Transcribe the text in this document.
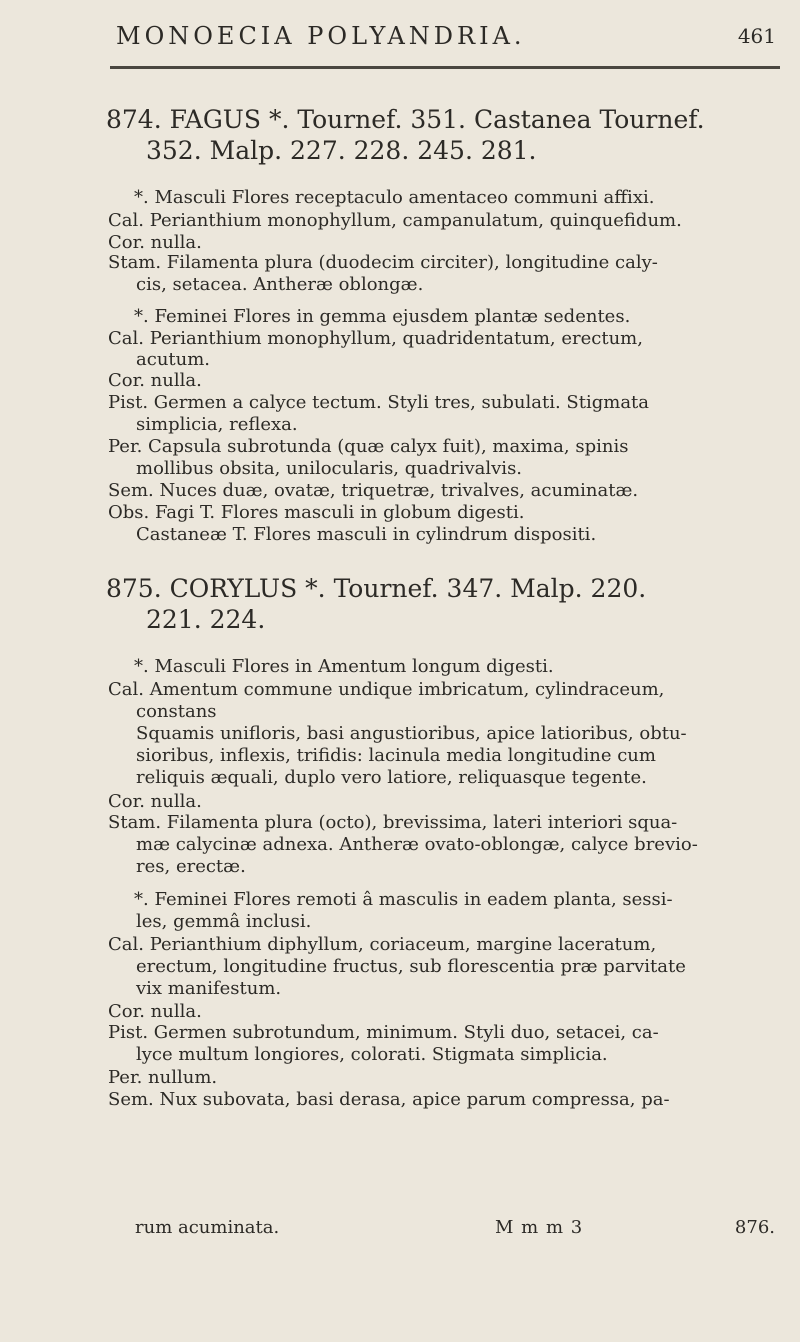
MONOECIA POLYANDRIA.	461
874. FAGUS *. Tournef. 351. Castanea Tournef.
352. Malp. 227. 228. 245. 281.
*. Masculi Flores receptaculo amentaceo communi affixi.
Cal. Perianthium monophyllum, campanulatum, quinquefidum.
Cor. nulla.
Stam. Filamenta plura (duodecim circiter), longitudine caly-
cis, setacea. Antheræ oblongæ.
*. Feminei Flores in gemma ejusdem plantæ sedentes.
Cal. Perianthium monophyllum, quadridentatum, erectum,
acutum.
Cor. nulla.
Pist. Germen a calyce tectum. Styli tres, subulati. Stigmata
simplicia, reflexa.
Per. Capsula subrotunda (quæ calyx fuit), maxima, spinis
mollibus obsita, unilocularis, quadrivalvis.
Sem. Nuces duæ, ovatæ, triquetræ, trivalves, acuminatæ.
Obs. Fagi T. Flores masculi in globum digesti.
Castaneæ T. Flores masculi in cylindrum dispositi.
875. CORYLUS *. Tournef. 347. Malp. 220.
221. 224.
*. Masculi Flores in Amentum longum digesti.
Cal. Amentum commune undique imbricatum, cylindraceum,
constans
Squamis unifloris, basi angustioribus, apice latioribus, obtu-
sioribus, inflexis, trifidis: lacinula media longitudine cum
reliquis æquali, duplo vero latiore, reliquasque tegente.
Cor. nulla.
Stam. Filamenta plura (octo), brevissima, lateri interiori squa-
mæ calycinæ adnexa. Antheræ ovato-oblongæ, calyce brevio-
res, erectæ.
*. Feminei Flores remoti â masculis in eadem planta, sessi-
les, gemmâ inclusi.
Cal. Perianthium diphyllum, coriaceum, margine laceratum,
erectum, longitudine fructus, sub florescentia præ parvitate
vix manifestum.
Cor. nulla.
Pist. Germen subrotundum, minimum. Styli duo, setacei, ca-
lyce multum longiores, colorati. Stigmata simplicia.
Per. nullum.
Sem. Nux subovata, basi derasa, apice parum compressa, pa-
rum acuminata.	M m m 3	876.
